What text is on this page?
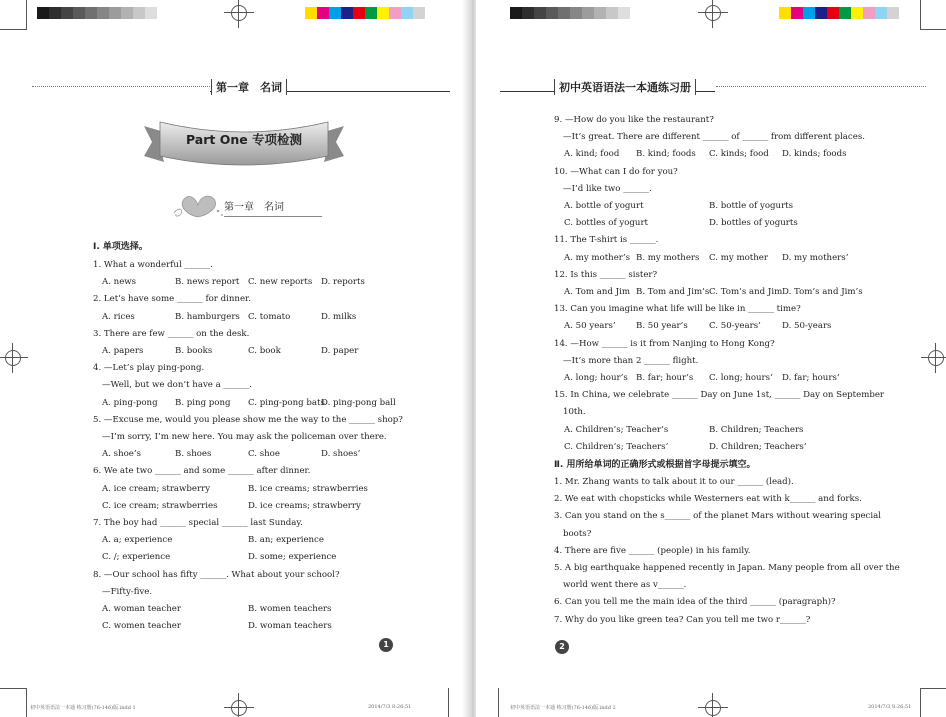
第一章　名词
Part One 专项检测
第一章　名词
Ⅰ. 单项选择。
1. What a wonderful ______.
A. news	B. news report C. new reports D. reports
2. Let’s have some ______ for dinner.
A. rices	B. hamburgers C. tomato	D. milks
3. There are few ______ on the desk.
A. papers	B. books	C. book	D. paper
4. —Let’s play ping-pong.
—Well, but we don’t have a ______.
A. ping-pong B. ping pong C. ping-pong bats
D. ping-pong ball
5. —Excuse me, would you please show me the way to the ______ shop?
—I’m sorry, I’m new here. You may ask the policeman over there.
A. shoe’s	B. shoes	C. shoe	D. shoes’
6. We ate two ______ and some ______ after dinner.
A. ice cream; strawberry	B. ice creams; strawberries
C. ice cream; strawberries	D. ice creams; strawberry
7. The boy had ______ special ______ last Sunday.
A. a; experience	B. an; experience
C. /; experience	D. some; experience
8. —Our school has fifty ______. What about your school?
—Fifty-five.
A. woman teacher	B. women teachers
C. women teacher	D. woman teachers
1
初中英语语法一本通 练习册(76-146)版.indd 1	2014/7/3 8:26:51
初中英语语法一本通练习册
9. —How do you like the restaurant?
—It’s great. There are different ______ of ______ from different places.
A. kind; food B. kind; foods C. kinds; food D. kinds; foods
10. —What can I do for you?
—I’d like two ______.
A. bottle of yogurt	B. bottle of yogurts
C. bottles of yogurt	D. bottles of yogurts
11. The T-shirt is ______.
A. my mother’s B. my mothers C. my mother D. my mothers’
12. Is this ______ sister?
A. Tom and Jim B. Tom and Jim’s C. Tom’s and Jim D. Tom’s and Jim’s
13. Can you imagine what life will be like in ______ time?
A. 50 years’ B. 50 year’s C. 50-years’ D. 50-years
14. —How ______ is it from Nanjing to Hong Kong?
—It’s more than 2 ______ flight.
A. long; hour’s B. far; hour’s C. long; hours’ D. far; hours’
15. In China, we celebrate ______ Day on June 1st, ______ Day on September
10th.
A. Children’s; Teacher’s	B. Children; Teachers
C. Children’s; Teachers’	D. Children; Teachers’
Ⅱ. 用所给单词的正确形式或根据首字母提示填空。
1. Mr. Zhang wants to talk about it to our ______ (lead).
2. We eat with chopsticks while Westerners eat with k______ and forks.
3. Can you stand on the s______ of the planet Mars without wearing special
boots?
4. There are five ______ (people) in his family.
5. A big earthquake happened recently in Japan. Many people from all over the
world went there as v______.
6. Can you tell me the main idea of the third ______ (paragraph)?
7. Why do you like green tea? Can you tell me two r______?
2
初中英语语法一本通 练习册(76-146)版.indd 2	2014/7/3 8:26:51
